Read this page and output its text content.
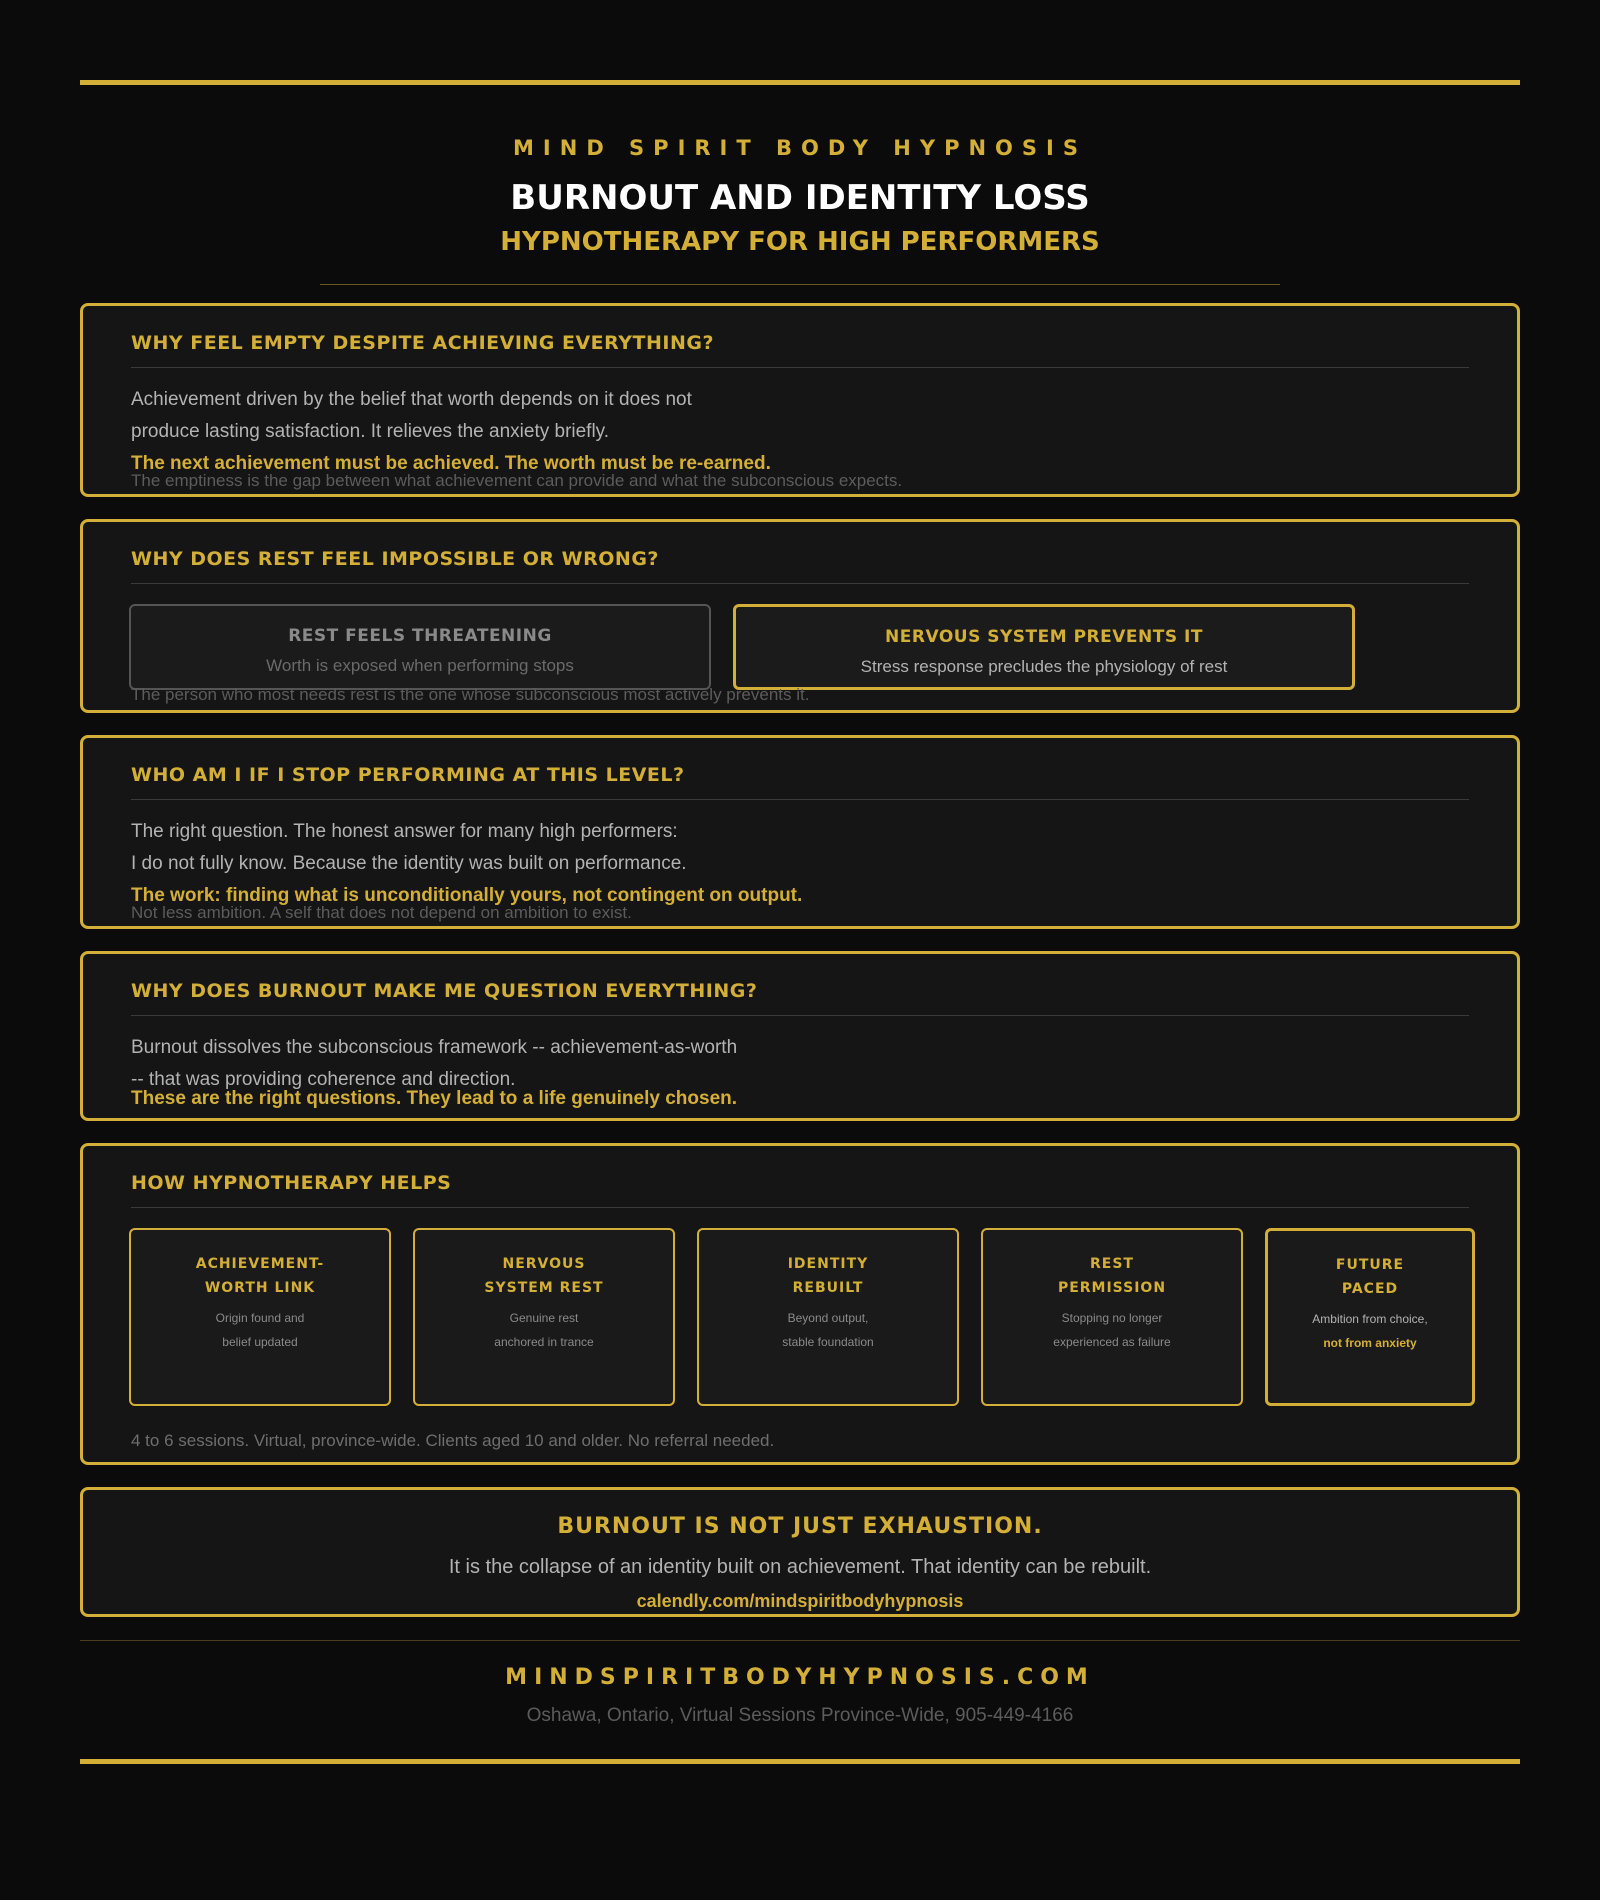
MIND SPIRIT BODY HYPNOSIS
BURNOUT AND IDENTITY LOSS
HYPNOTHERAPY FOR HIGH PERFORMERS
WHY FEEL EMPTY DESPITE ACHIEVING EVERYTHING?
Achievement driven by the belief that worth depends on it does not
produce lasting satisfaction. It relieves the anxiety briefly.
The next achievement must be achieved. The worth must be re-earned.
The emptiness is the gap between what achievement can provide and what the subconscious expects.
WHY DOES REST FEEL IMPOSSIBLE OR WRONG?
REST FEELS THREATENING
Worth is exposed when performing stops
NERVOUS SYSTEM PREVENTS IT
Stress response precludes the physiology of rest
The person who most needs rest is the one whose subconscious most actively prevents it.
WHO AM I IF I STOP PERFORMING AT THIS LEVEL?
The right question. The honest answer for many high performers:
I do not fully know. Because the identity was built on performance.
The work: finding what is unconditionally yours, not contingent on output.
Not less ambition. A self that does not depend on ambition to exist.
WHY DOES BURNOUT MAKE ME QUESTION EVERYTHING?
Burnout dissolves the subconscious framework -- achievement-as-worth
-- that was providing coherence and direction.
These are the right questions. They lead to a life genuinely chosen.
HOW HYPNOTHERAPY HELPS
ACHIEVEMENT-
WORTH LINK
Origin found and
belief updated
NERVOUS
SYSTEM REST
Genuine rest
anchored in trance
IDENTITY
REBUILT
Beyond output,
stable foundation
REST
PERMISSION
Stopping no longer
experienced as failure
FUTURE
PACED
Ambition from choice,
not from anxiety
4 to 6 sessions. Virtual, province-wide. Clients aged 10 and older. No referral needed.
BURNOUT IS NOT JUST EXHAUSTION.
It is the collapse of an identity built on achievement. That identity can be rebuilt.
calendly.com/mindspiritbodyhypnosis
MINDSPIRITBODYHYPNOSIS.COM
Oshawa, Ontario, Virtual Sessions Province-Wide, 905-449-4166
